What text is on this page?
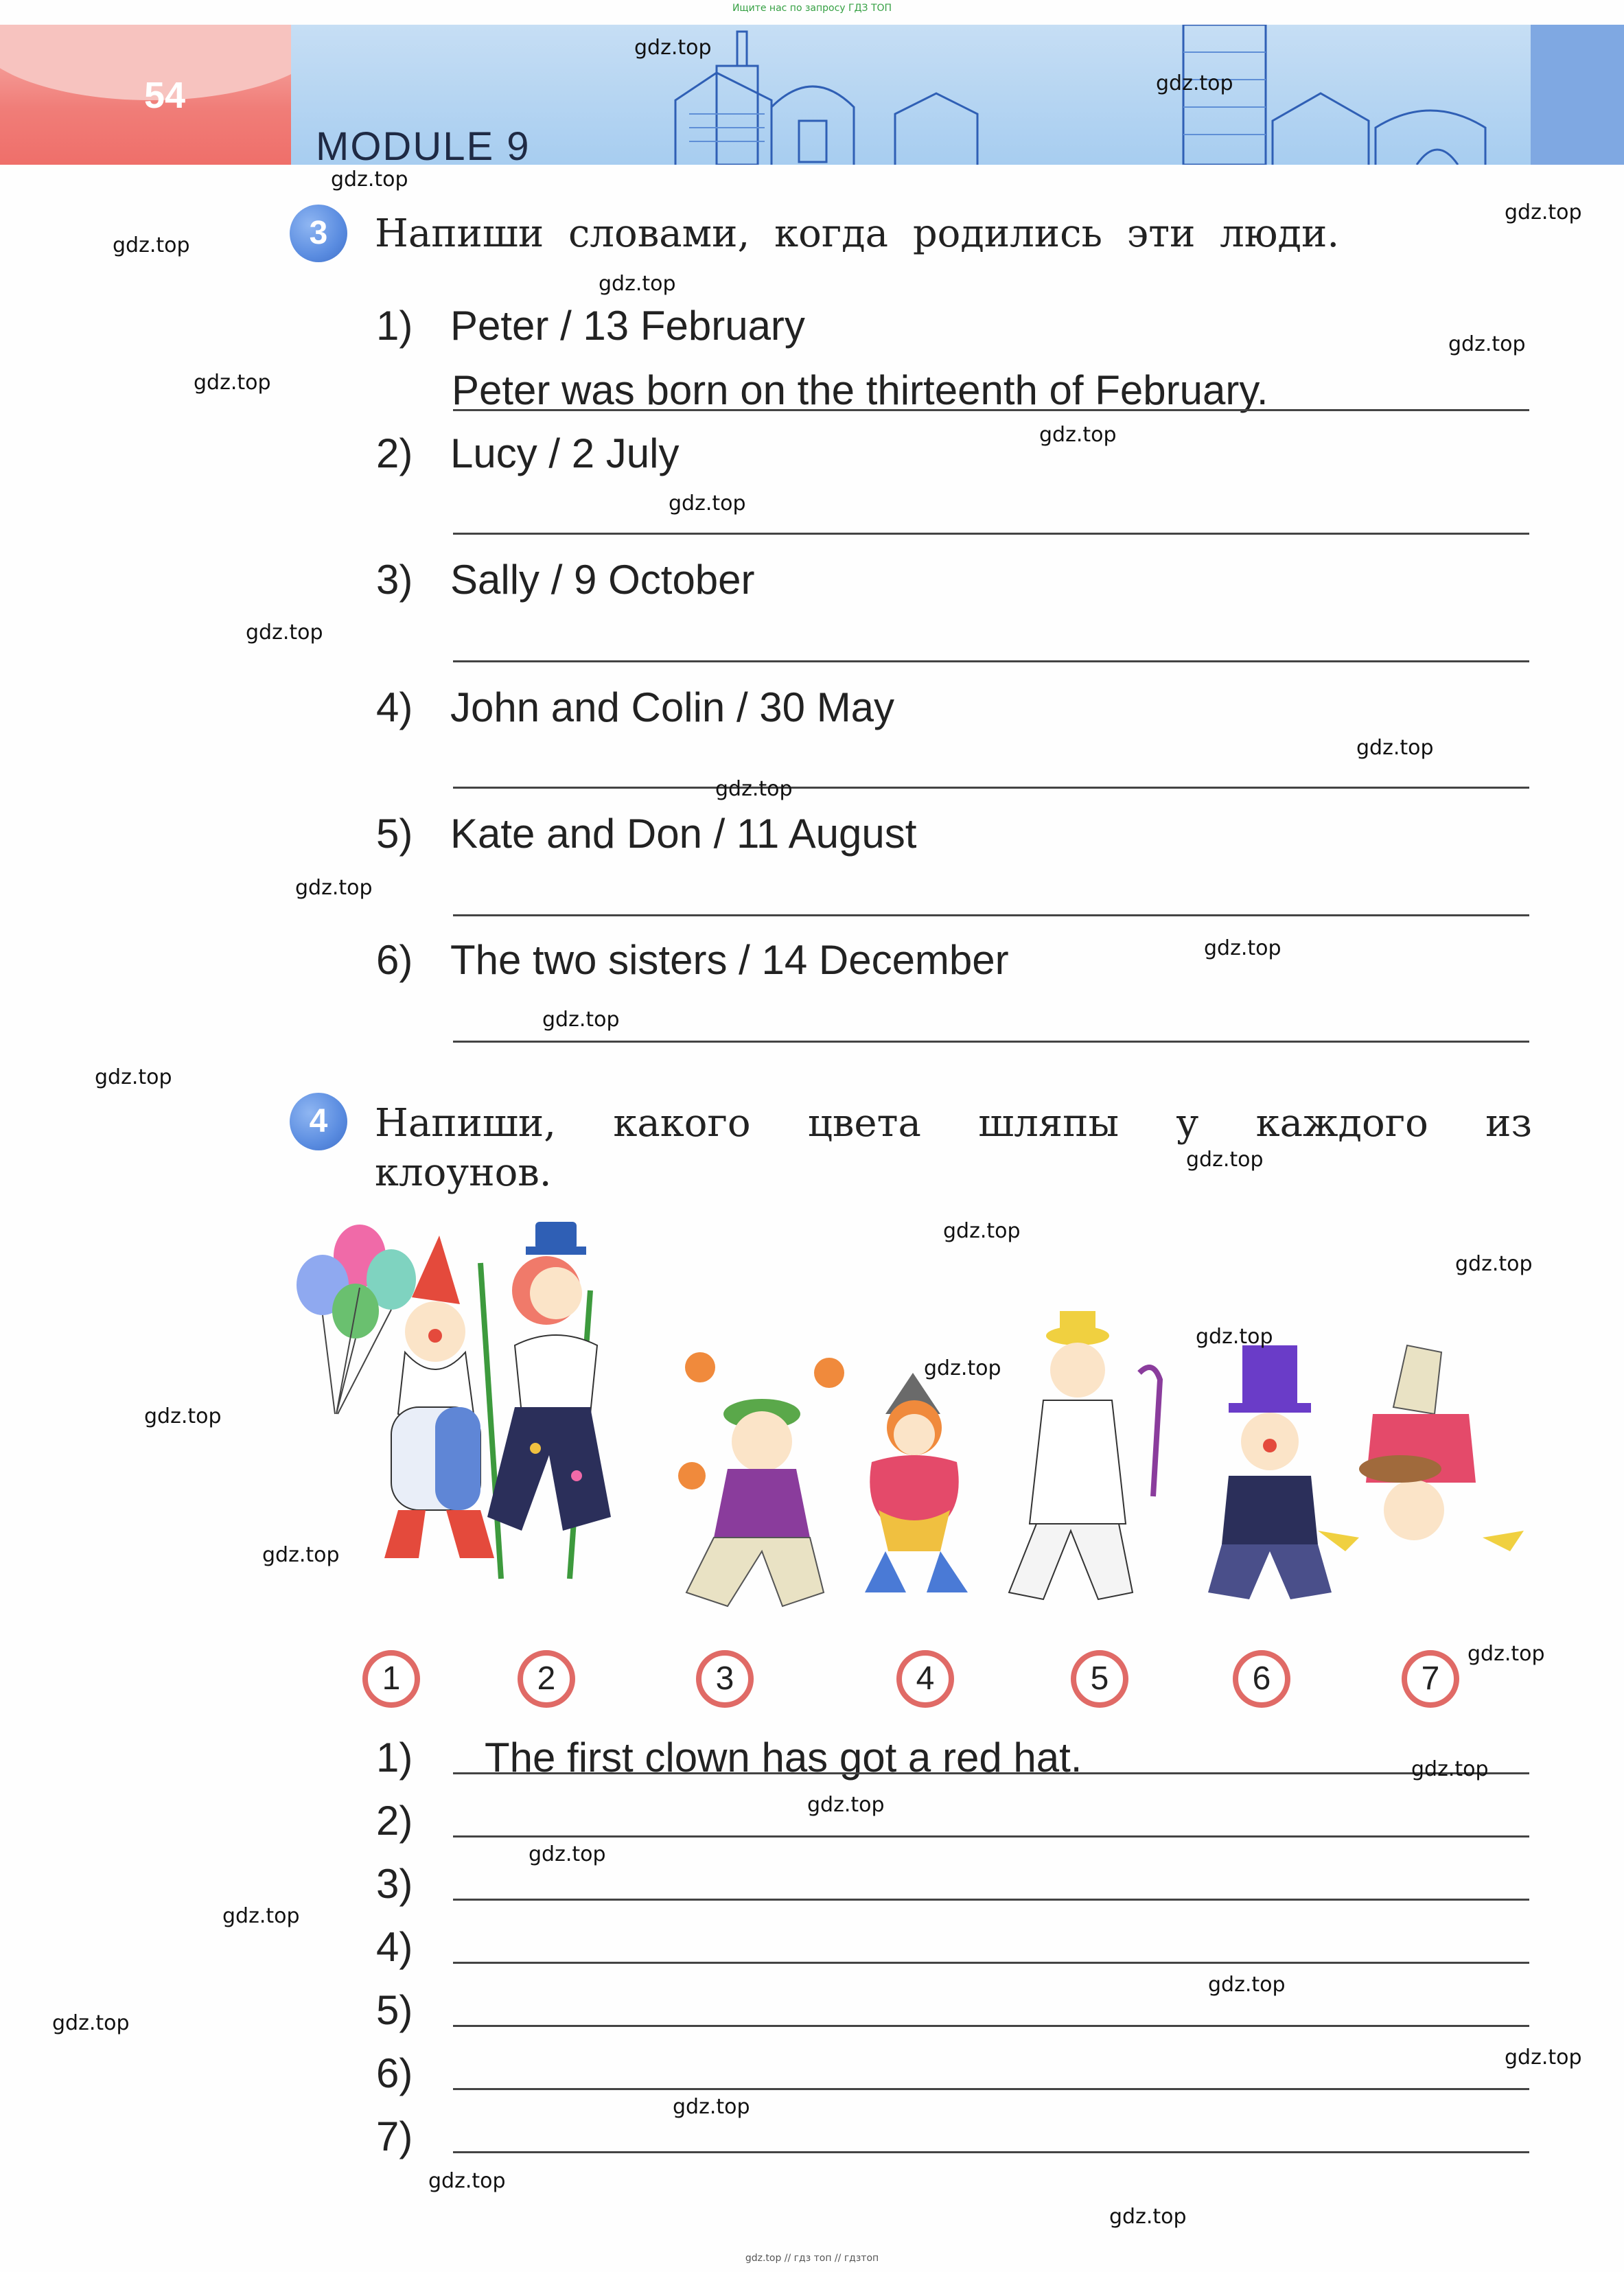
Ищите нас по запросу ГДЗ ТОП
54
MODULE 9
3	Напиши словами, когда родились эти люди.
1) Peter / 13 February
Peter was born on the thirteenth of February.
2) Lucy / 2 July
3) Sally / 9 October
4) John and Colin / 30 May
5) Kate and Don / 11 August
6) The two sisters / 14 December
4	Напиши, какого цвета шляпы у каждого из
клоунов.
1	2	3	4	5	6	7
1)	The first clown has got a red hat.
2)
3)
4)
5)
6)
7)
gdz.top
gdz.top
gdz.top
gdz.top
gdz.top
gdz.top
gdz.top
gdz.top
gdz.top
gdz.top
gdz.top
gdz.top
gdz.top
gdz.top
gdz.top
gdz.top
gdz.top
gdz.top
gdz.top
gdz.top
gdz.top
gdz.top
gdz.top
gdz.top
gdz.top
gdz.top
gdz.top
gdz.top
gdz.top
gdz.top
gdz.top
gdz.top
gdz.top
gdz.top
gdz.top
gdz.top // гдз топ // гдзтоп
